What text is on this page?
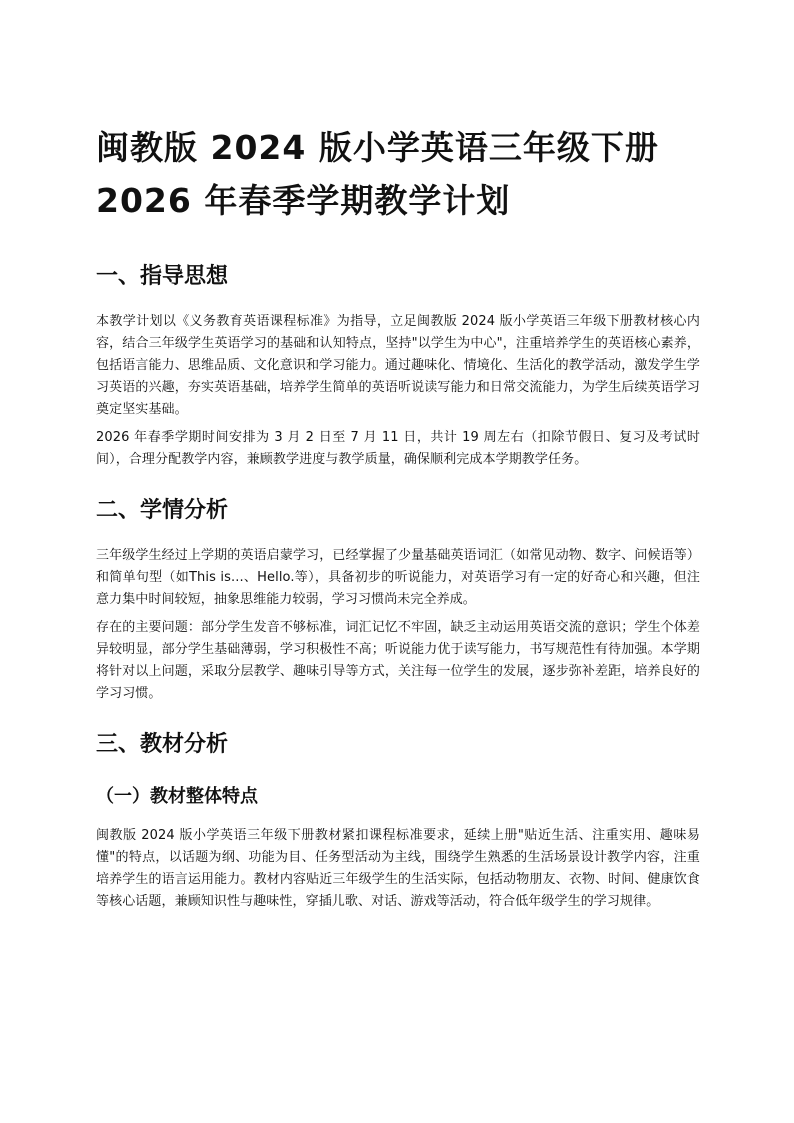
闽教版 2024 版小学英语三年级下册
2026 年春季学期教学计划
一、指导思想

本教学计划以《义务教育英语课程标准》为指导，立足闽教版 2024 版小学英语三年级下册教材核心内容，结合三年级学生英语学习的基础和认知特点，坚持"以学生为中心"，注重培养学生的英语核心素养，包括语言能力、思维品质、文化意识和学习能力。通过趣味化、情境化、生活化的教学活动，激发学生学习英语的兴趣，夯实英语基础，培养学生简单的英语听说读写能力和日常交流能力，为学生后续英语学习奠定坚实基础。

2026 年春季学期时间安排为 3 月 2 日至 7 月 11 日，共计 19 周左右（扣除节假日、复习及考试时间），合理分配教学内容，兼顾教学进度与教学质量，确保顺利完成本学期教学任务。

二、学情分析

三年级学生经过上学期的英语启蒙学习，已经掌握了少量基础英语词汇（如常见动物、数字、问候语等）和简单句型（如This is...、Hello.等），具备初步的听说能力，对英语学习有一定的好奇心和兴趣，但注意力集中时间较短，抽象思维能力较弱，学习习惯尚未完全养成。

存在的主要问题：部分学生发音不够标准，词汇记忆不牢固，缺乏主动运用英语交流的意识；学生个体差异较明显，部分学生基础薄弱，学习积极性不高；听说能力优于读写能力，书写规范性有待加强。本学期将针对以上问题，采取分层教学、趣味引导等方式，关注每一位学生的发展，逐步弥补差距，培养良好的学习习惯。

三、教材分析
（一）教材整体特点

闽教版 2024 版小学英语三年级下册教材紧扣课程标准要求，延续上册"贴近生活、注重实用、趣味易懂"的特点，以话题为纲、功能为目、任务型活动为主线，围绕学生熟悉的生活场景设计教学内容，注重培养学生的语言运用能力。教材内容贴近三年级学生的生活实际，包括动物朋友、衣物、时间、健康饮食等核心话题，兼顾知识性与趣味性，穿插儿歌、对话、游戏等活动，符合低年级学生的学习规律。
